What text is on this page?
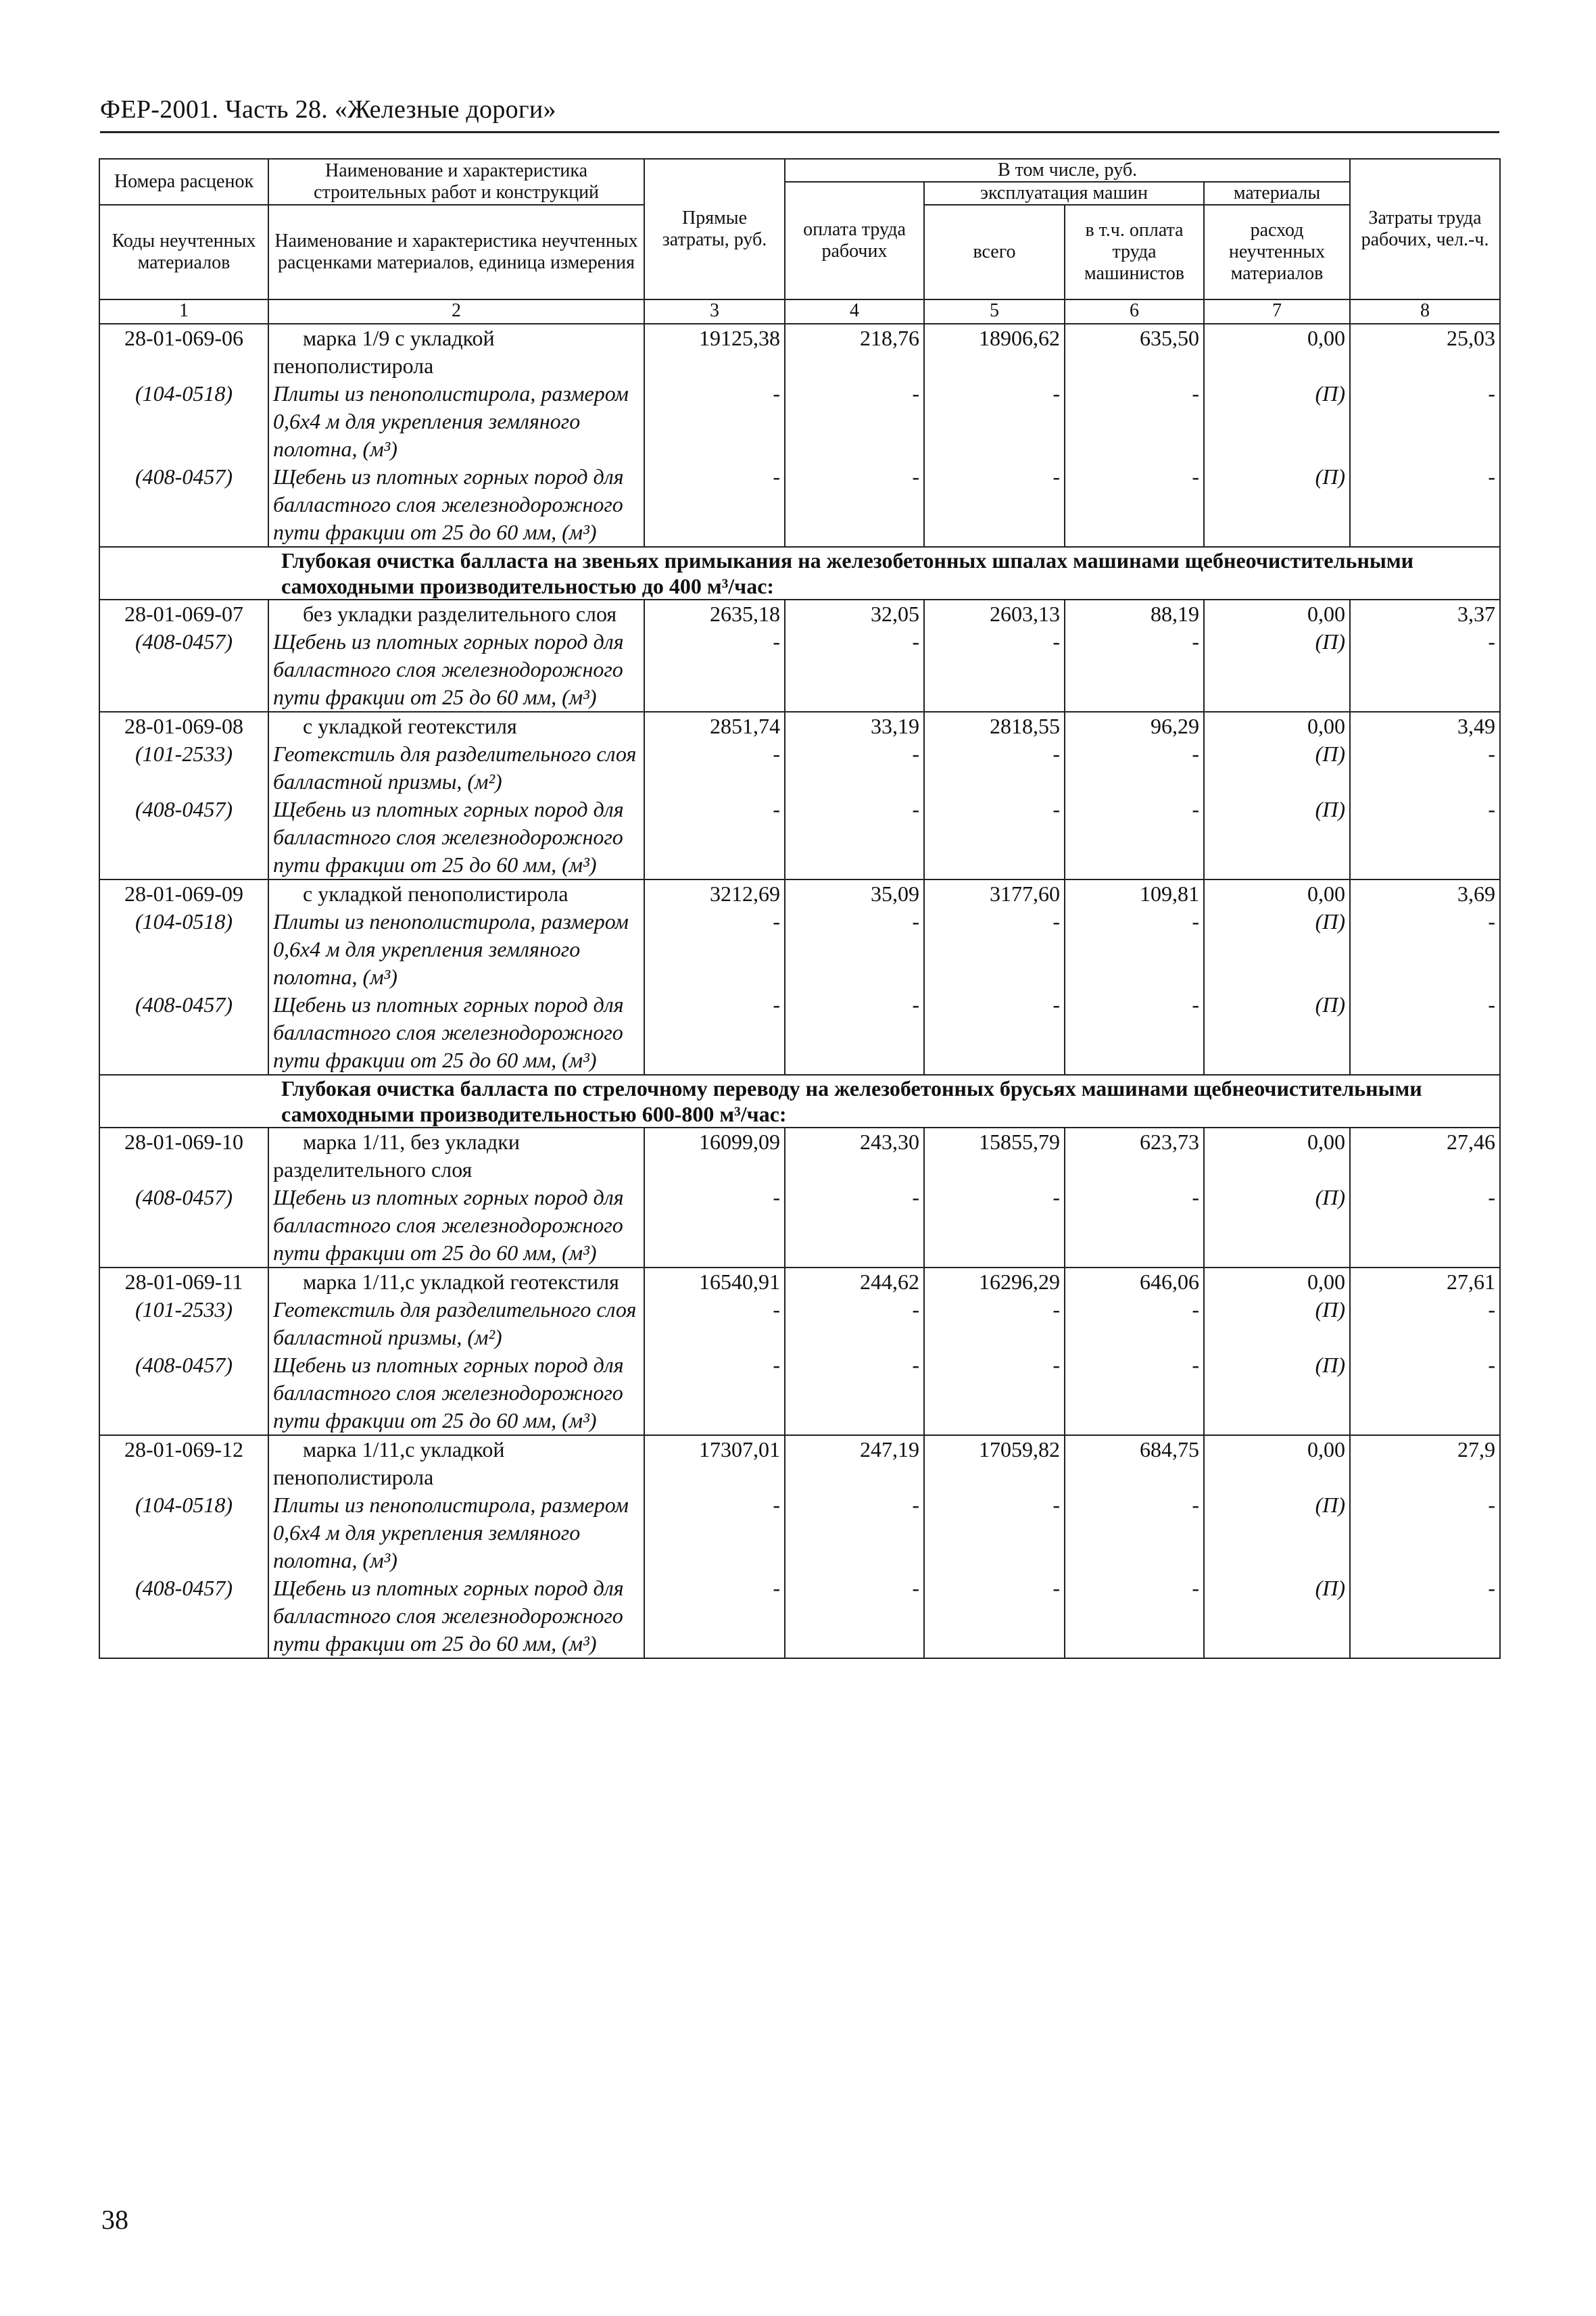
ФЕР-2001. Часть 28. «Железные дороги»
Номера расценок	Наименование и характеристика строительных работ и конструкций	Прямые затраты, руб.	В том числе, руб.				Затраты труда рабочих, чел.-ч.
			оплата труда рабочих	эксплуатация машин		материалы	
Коды неучтенных материалов	Наименование и характеристика неучтенных расценками материалов, единица измерения			всего	в т.ч. оплата труда машинистов	расход неучтенных материалов	

1	2	3	4	5	6	7	8
28-01-069-06	марка 1/9 с укладкой пенополистирола	19125,38	218,76	18906,62	635,50	0,00	25,03
(104-0518)	Плиты из пенополистирола, размером 0,6х4 м для укрепления земляного полотна, (м³)	-	-	-	-	(П)	-
(408-0457)	Щебень из плотных горных пород для балластного слоя железнодорожного пути фракции от 25 до 60 мм, (м³)	-	-	-	-	(П)	-
Глубокая очистка балласта на звеньях примыкания на железобетонных шпалах машинами щебнеочистительными самоходными производительностью до 400 м³/час:							
28-01-069-07	без укладки разделительного слоя	2635,18	32,05	2603,13	88,19	0,00	3,37
(408-0457)	Щебень из плотных горных пород для балластного слоя железнодорожного пути фракции от 25 до 60 мм, (м³)	-	-	-	-	(П)	-
28-01-069-08	с укладкой геотекстиля	2851,74	33,19	2818,55	96,29	0,00	3,49
(101-2533)	Геотекстиль для разделительного слоя балластной призмы, (м²)	-	-	-	-	(П)	-
(408-0457)	Щебень из плотных горных пород для балластного слоя железнодорожного пути фракции от 25 до 60 мм, (м³)	-	-	-	-	(П)	-
28-01-069-09	с укладкой пенополистирола	3212,69	35,09	3177,60	109,81	0,00	3,69
(104-0518)	Плиты из пенополистирола, размером 0,6х4 м для укрепления земляного полотна, (м³)	-	-	-	-	(П)	-
(408-0457)	Щебень из плотных горных пород для балластного слоя железнодорожного пути фракции от 25 до 60 мм, (м³)	-	-	-	-	(П)	-
Глубокая очистка балласта по стрелочному переводу на железобетонных брусьях машинами щебнеочистительными самоходными производительностью 600-800 м³/час:							
28-01-069-10	марка 1/11, без укладки разделительного слоя	16099,09	243,30	15855,79	623,73	0,00	27,46
(408-0457)	Щебень из плотных горных пород для балластного слоя железнодорожного пути фракции от 25 до 60 мм, (м³)	-	-	-	-	(П)	-
28-01-069-11	марка 1/11,с укладкой геотекстиля	16540,91	244,62	16296,29	646,06	0,00	27,61
(101-2533)	Геотекстиль для разделительного слоя балластной призмы, (м²)	-	-	-	-	(П)	-
(408-0457)	Щебень из плотных горных пород для балластного слоя железнодорожного пути фракции от 25 до 60 мм, (м³)	-	-	-	-	(П)	-
28-01-069-12	марка 1/11,с укладкой пенополистирола	17307,01	247,19	17059,82	684,75	0,00	27,9
(104-0518)	Плиты из пенополистирола, размером 0,6х4 м для укрепления земляного полотна, (м³)	-	-	-	-	(П)	-
(408-0457)	Щебень из плотных горных пород для балластного слоя железнодорожного пути фракции от 25 до 60 мм, (м³)	-	-	-	-	(П)	-
38
